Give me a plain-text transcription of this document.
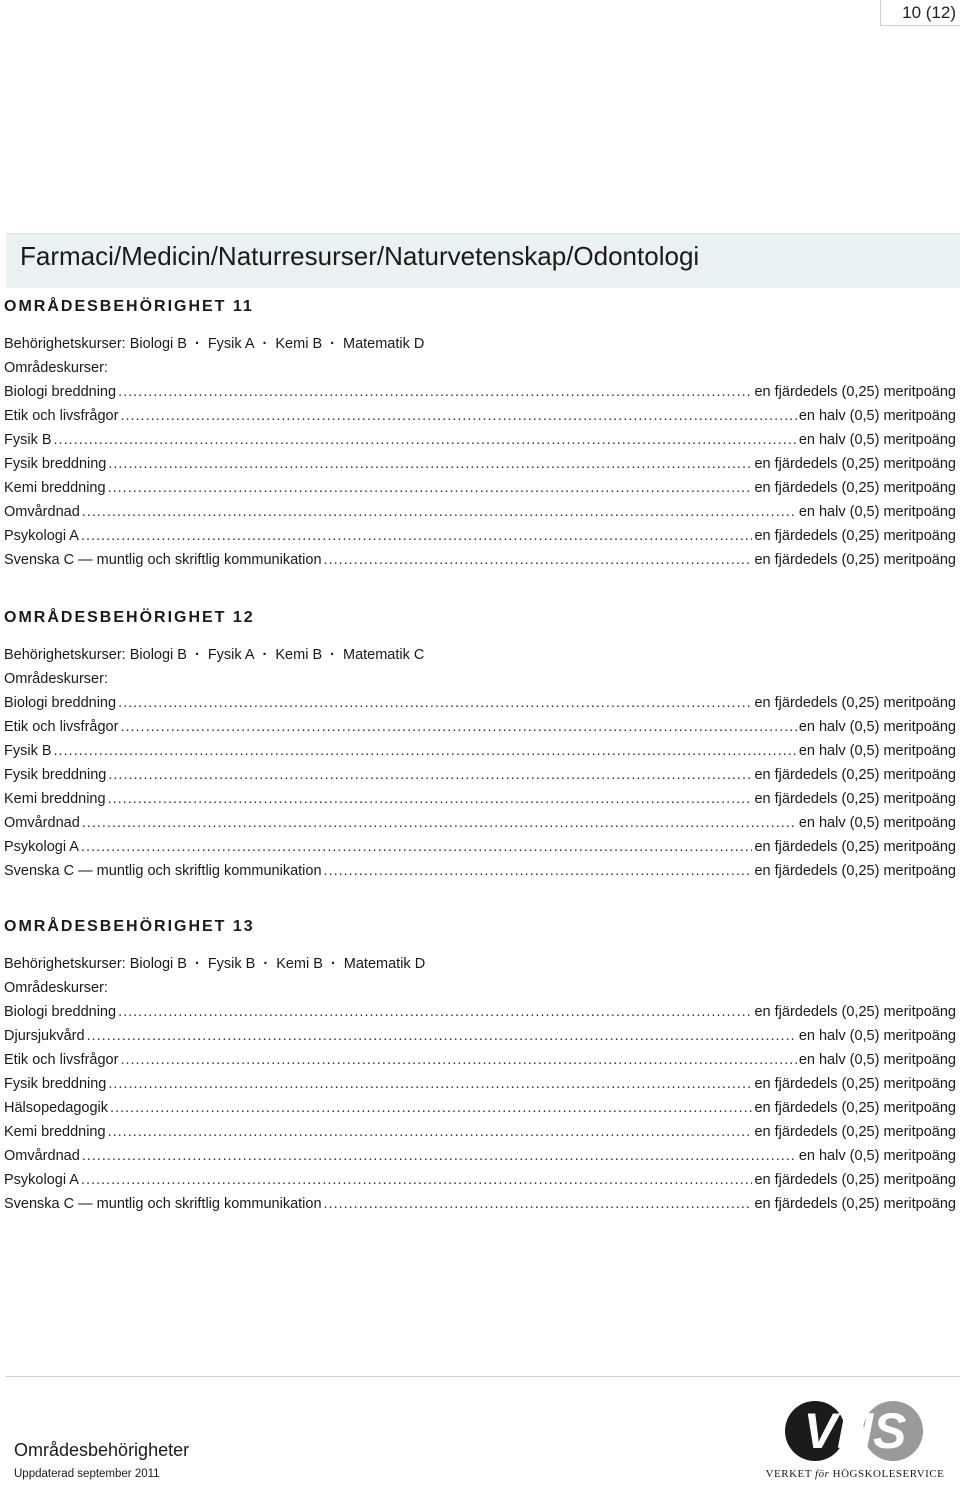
10 (12)
Farmaci/Medicin/Naturresurser/Naturvetenskap/Odontologi
OMRÅDESBEHÖRIGHET 11
Behörighetskurser: Biologi B · Fysik A · Kemi B · Matematik D
Områdeskurser:
Biologi breddning .....	en fjärdedels (0,25) meritpoäng
Etik och livsfrågor .....	en halv (0,5) meritpoäng
Fysik B .....	en halv (0,5) meritpoäng
Fysik breddning .....	en fjärdedels (0,25) meritpoäng
Kemi breddning .....	en fjärdedels (0,25) meritpoäng
Omvårdnad .....	en halv (0,5) meritpoäng
Psykologi A .....	en fjärdedels (0,25) meritpoäng
Svenska C — muntlig och skriftlig kommunikation .....	en fjärdedels (0,25) meritpoäng
OMRÅDESBEHÖRIGHET 12
Behörighetskurser: Biologi B · Fysik A · Kemi B · Matematik C
Områdeskurser:
Biologi breddning .....	en fjärdedels (0,25) meritpoäng
Etik och livsfrågor .....	en halv (0,5) meritpoäng
Fysik B .....	en halv (0,5) meritpoäng
Fysik breddning .....	en fjärdedels (0,25) meritpoäng
Kemi breddning .....	en fjärdedels (0,25) meritpoäng
Omvårdnad .....	en halv (0,5) meritpoäng
Psykologi A .....	en fjärdedels (0,25) meritpoäng
Svenska C — muntlig och skriftlig kommunikation .....	en fjärdedels (0,25) meritpoäng
OMRÅDESBEHÖRIGHET 13
Behörighetskurser: Biologi B · Fysik B · Kemi B · Matematik D
Områdeskurser:
Biologi breddning .....	en fjärdedels (0,25) meritpoäng
Djursjukvård .....	en halv (0,5) meritpoäng
Etik och livsfrågor .....	en halv (0,5) meritpoäng
Fysik breddning .....	en fjärdedels (0,25) meritpoäng
Hälsopedagogik .....	en fjärdedels (0,25) meritpoäng
Kemi breddning .....	en fjärdedels (0,25) meritpoäng
Omvårdnad .....	en halv (0,5) meritpoäng
Psykologi A .....	en fjärdedels (0,25) meritpoäng
Svenska C — muntlig och skriftlig kommunikation .....	en fjärdedels (0,25) meritpoäng
Områdesbehörigheter
Uppdaterad september 2011
VHS
VERKET för HÖGSKOLESERVICE
